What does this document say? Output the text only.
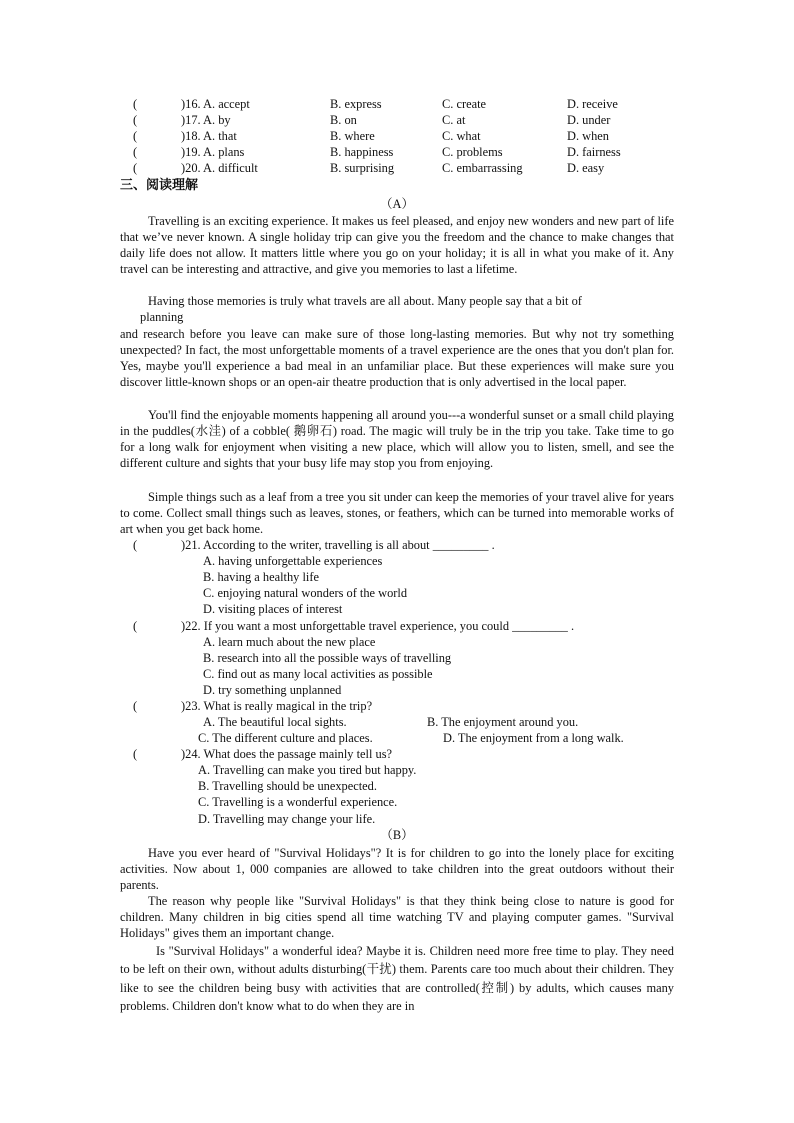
(	)16. A. accept	B. express	C. create	D. receive
(	)17. A. by	B. on	C. at	D. under
(	)18. A. that	B. where	C. what	D. when
(	)19. A. plans	B. happiness	C. problems	D. fairness
(	)20. A. difficult	B. surprising	C. embarrassing	D. easy
三、阅读理解
（A）

Travelling is an exciting experience. It makes us feel pleased, and enjoy new wonders and new part of life that we’ve never known. A single holiday trip can give you the freedom and the chance to make changes that daily life does not allow. It matters little where you go on your holiday; it is all in what you make of it. Any travel can be interesting and attractive, and give you memories to last a lifetime.

Having those memories is truly what travels are all about. Many people say that a bit of

planning

and research before you leave can make sure of those long-lasting memories. But why not try something unexpected? In fact, the most unforgettable moments of a travel experience are the ones that you don't plan for. Yes, maybe you'll experience a bad meal in an unfamiliar place. But these experiences will make sure you discover little-known shops or an open-air theatre production that is only advertised in the local paper.

You'll find the enjoyable moments happening all around you---a wonderful sunset or a small child playing in the puddles(水洼) of a cobble( 鹅卵石) road. The magic will truly be in the trip you take. Take time to go for a long walk for enjoyment when visiting a new place, which will allow you to listen, smell, and see the different culture and sights that your busy life may stop you from enjoying.

Simple things such as a leaf from a tree you sit under can keep the memories of your travel alive for years to come. Collect small things such as leaves, stones, or feathers, which can be turned into memorable works of art when you get back home.

(	)21. According to the writer, travelling is all about _________ .
A. having unforgettable experiences
B. having a healthy life
C. enjoying natural wonders of the world
D. visiting places of interest
(	)22. If you want a most unforgettable travel experience, you could _________ .
A. learn much about the new place
B. research into all the possible ways of travelling
C. find out as many local activities as possible
D. try something unplanned
(	)23. What is really magical in the trip?
A. The beautiful local sights.	B. The enjoyment around you.
C. The different culture and places.	D. The enjoyment from a long walk.
(	)24. What does the passage mainly tell us?
A. Travelling can make you tired but happy.
B. Travelling should be unexpected.
C. Travelling is a wonderful experience.
D. Travelling may change your life.
（B）

Have you ever heard of "Survival Holidays"? It is for children to go into the lonely place for exciting activities. Now about 1, 000 companies are allowed to take children into the great outdoors without their parents.

The reason why people like "Survival Holidays" is that they think being close to nature is good for children. Many children in big cities spend all time watching TV and playing computer games. "Survival Holidays" gives them an important change.

Is "Survival Holidays" a wonderful idea? Maybe it is. Children need more free time to play. They need to be left on their own, without adults disturbing(干扰) them. Parents care too much about their children. They like to see the children being busy with activities that are controlled(控制) by adults, which causes many problems. Children don't know what to do when they are in
